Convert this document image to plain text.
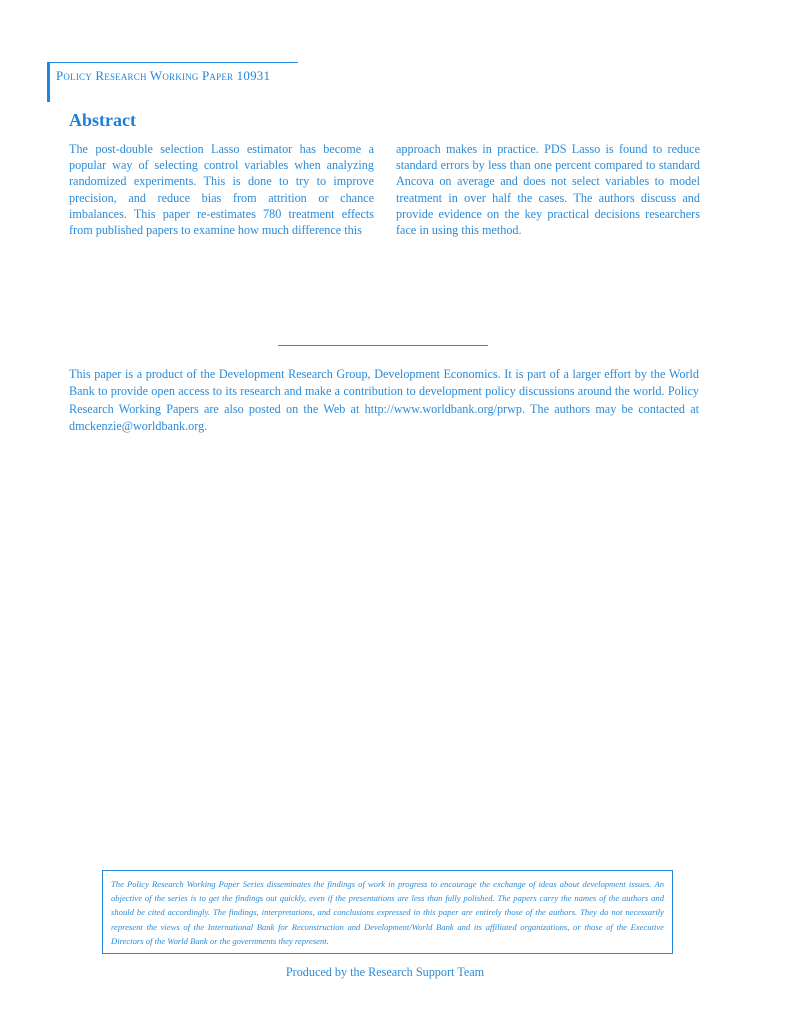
Policy Research Working Paper 10931
Abstract
The post-double selection Lasso estimator has become a popular way of selecting control variables when analyzing randomized experiments. This is done to try to improve precision, and reduce bias from attrition or chance imbalances. This paper re-estimates 780 treatment effects from published papers to examine how much difference this
approach makes in practice. PDS Lasso is found to reduce standard errors by less than one percent compared to standard Ancova on average and does not select variables to model treatment in over half the cases. The authors discuss and provide evidence on the key practical decisions researchers face in using this method.
This paper is a product of the Development Research Group, Development Economics. It is part of a larger effort by the World Bank to provide open access to its research and make a contribution to development policy discussions around the world. Policy Research Working Papers are also posted on the Web at http://www.worldbank.org/prwp. The authors may be contacted at dmckenzie@worldbank.org.
The Policy Research Working Paper Series disseminates the findings of work in progress to encourage the exchange of ideas about development issues. An objective of the series is to get the findings out quickly, even if the presentations are less than fully polished. The papers carry the names of the authors and should be cited accordingly. The findings, interpretations, and conclusions expressed in this paper are entirely those of the authors. They do not necessarily represent the views of the International Bank for Reconstruction and Development/World Bank and its affiliated organizations, or those of the Executive Directors of the World Bank or the governments they represent.
Produced by the Research Support Team
